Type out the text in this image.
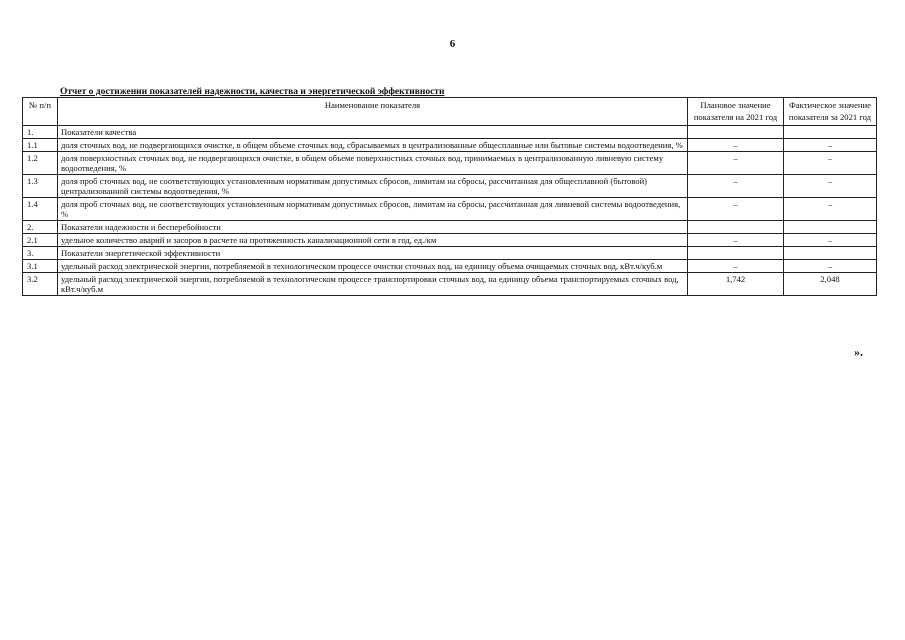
6
Отчет о достижении показателей надежности, качества и энергетической эффективности
№ п/п	Наименование показателя	Плановое значение показателя на 2021 год	Фактическое значение показателя за 2021 год
1.	Показатели качества		
1.1	доля сточных вод, не подвергающихся очистке, в общем объеме сточных вод, сбрасываемых в централизованные общесплавные или бытовые системы водоотведения, %	–	–
1.2	доля поверхностных сточных вод, не подвергающихся очистке, в общем объеме поверхностных сточных вод, принимаемых в централизованную ливневую систему водоотведения, %	–	–
1.3	доля проб сточных вод, не соответствующих установленным нормативам допустимых сбросов, лимитам на сбросы, рассчитанная для общесплавной (бытовой) централизованной системы водоотведения, %	–	–
1.4	доля проб сточных вод, не соответствующих установленным нормативам допустимых сбросов, лимитам на сбросы, рассчитанная для ливневой системы водоотведения, %	–	–
2.	Показатели надежности и бесперебойности		
2.1	удельное количество аварий и засоров в расчете на протяженность канализационной сети в год, ед./км	–	–
3.	Показатели энергетической эффективности		
3.1	удельный расход электрической энергии, потребляемой в технологическом процессе очистки сточных вод, на единицу объема очищаемых сточных вод, кВт.ч/куб.м	–	–
3.2	удельный расход электрической энергии, потребляемой в технологическом процессе транспортировки сточных вод, на единицу объема транспортируемых сточных вод, кВт.ч/куб.м	1,742	2,048
».
